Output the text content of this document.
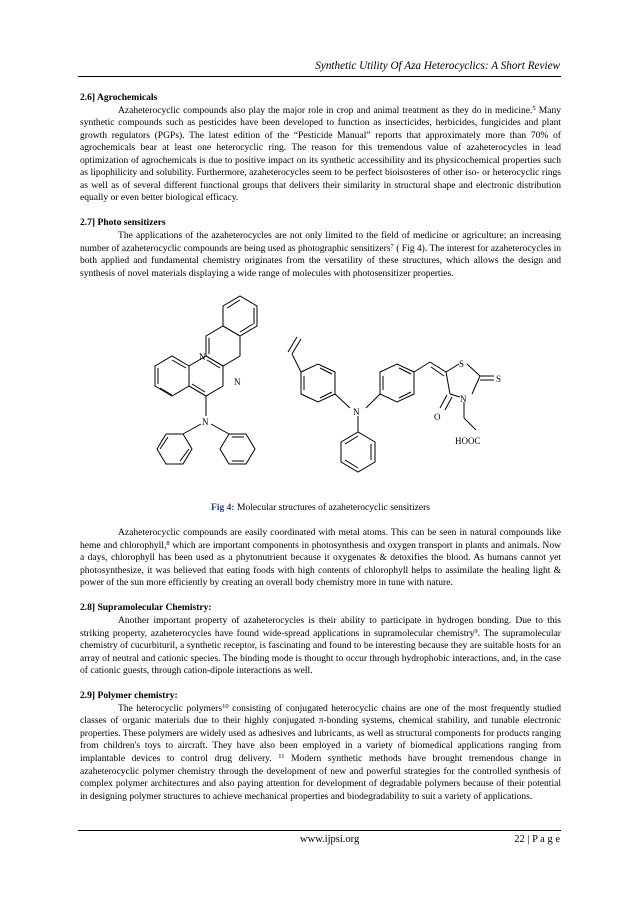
Synthetic Utility Of Aza Heterocyclics: A Short Review
2.6] Agrochemicals

Azaheterocyclic compounds also play the major role in crop and animal treatment as they do in medicine.$^5$ Many synthetic compounds such as pesticides have been developed to function as insecticides, herbicides, fungicides and plant growth regulators (PGPs). The latest edition of the “Pesticide Manual” reports that approximately more than 70% of agrochemicals bear at least one heterocyclic ring. The reason for this tremendous value of azaheterocycles in lead optimization of agrochemicals is due to positive impact on its synthetic accessibility and its physicochemical properties such as lipophilicity and solubility. Furthermore, azaheterocycles seem to be perfect bioisosteres of other iso- or heterocyclic rings as well as of several different functional groups that delivers their similarity in structural shape and electronic distribution equally or even better biological efficacy.

2.7] Photo sensitizers

The applications of the azaheterocycles are not only limited to the field of medicine or agriculture; an increasing number of azaheterocyclic compounds are being used as photographic sensitizers$^7$ ( Fig 4). The interest for azaheterocycles in both applied and fundamental chemistry originates from the versatility of these structures, which allows the design and synthesis of novel materials displaying a wide range of molecules with photosensitizer properties.

N
N
N
N
S
S
N
O
HOOC
Fig 4: Molecular structures of azaheterocyclic sensitizers

Azaheterocyclic compounds are easily coordinated with metal atoms. This can be seen in natural compounds like heme and chlorophyll,$^8$ which are important components in photosynthesis and oxygen transport in plants and animals. Now a days, chlorophyll has been used as a phytonutrient because it oxygenates & detoxifies the blood. As humans cannot yet photosynthesize, it was believed that eating foods with high contents of chlorophyll helps to assimilate the healing light & power of the sun more efficiently by creating an overall body chemistry more in tune with nature.

2.8] Supramolecular Chemistry:

Another important property of azaheterocycles is their ability to participate in hydrogen bonding. Due to this striking property, azaheterocycles have found wide-spread applications in supramolecular chemistry$^9$. The supramolecular chemistry of cucurbituril, a synthetic receptor, is fascinating and found to be interesting because they are suitable hosts for an array of neutral and cationic species. The binding mode is thought to occur through hydrophobic interactions, and, in the case of cationic guests, through cation-dipole interactions as well.

2.9] Polymer chemistry:

The heterocyclic polymers$^{10}$ consisting of conjugated heterocyclic chains are one of the most frequently studied classes of organic materials due to their highly conjugated π-bonding systems, chemical stability, and tunable electronic properties. These polymers are widely used as adhesives and lubricants, as well as structural components for products ranging from children's toys to aircraft. They have also been employed in a variety of biomedical applications ranging from implantable devices to control drug delivery. $^{11}$ Modern synthetic methods have brought tremendous change in azaheterocyclic polymer chemistry through the development of new and powerful strategies for the controlled synthesis of complex polymer architectures and also paying attention for development of degradable polymers because of their potential in designing polymer structures to achieve mechanical properties and biodegradability to suit a variety of applications.

www.ijpsi.org	22 | P a g e
